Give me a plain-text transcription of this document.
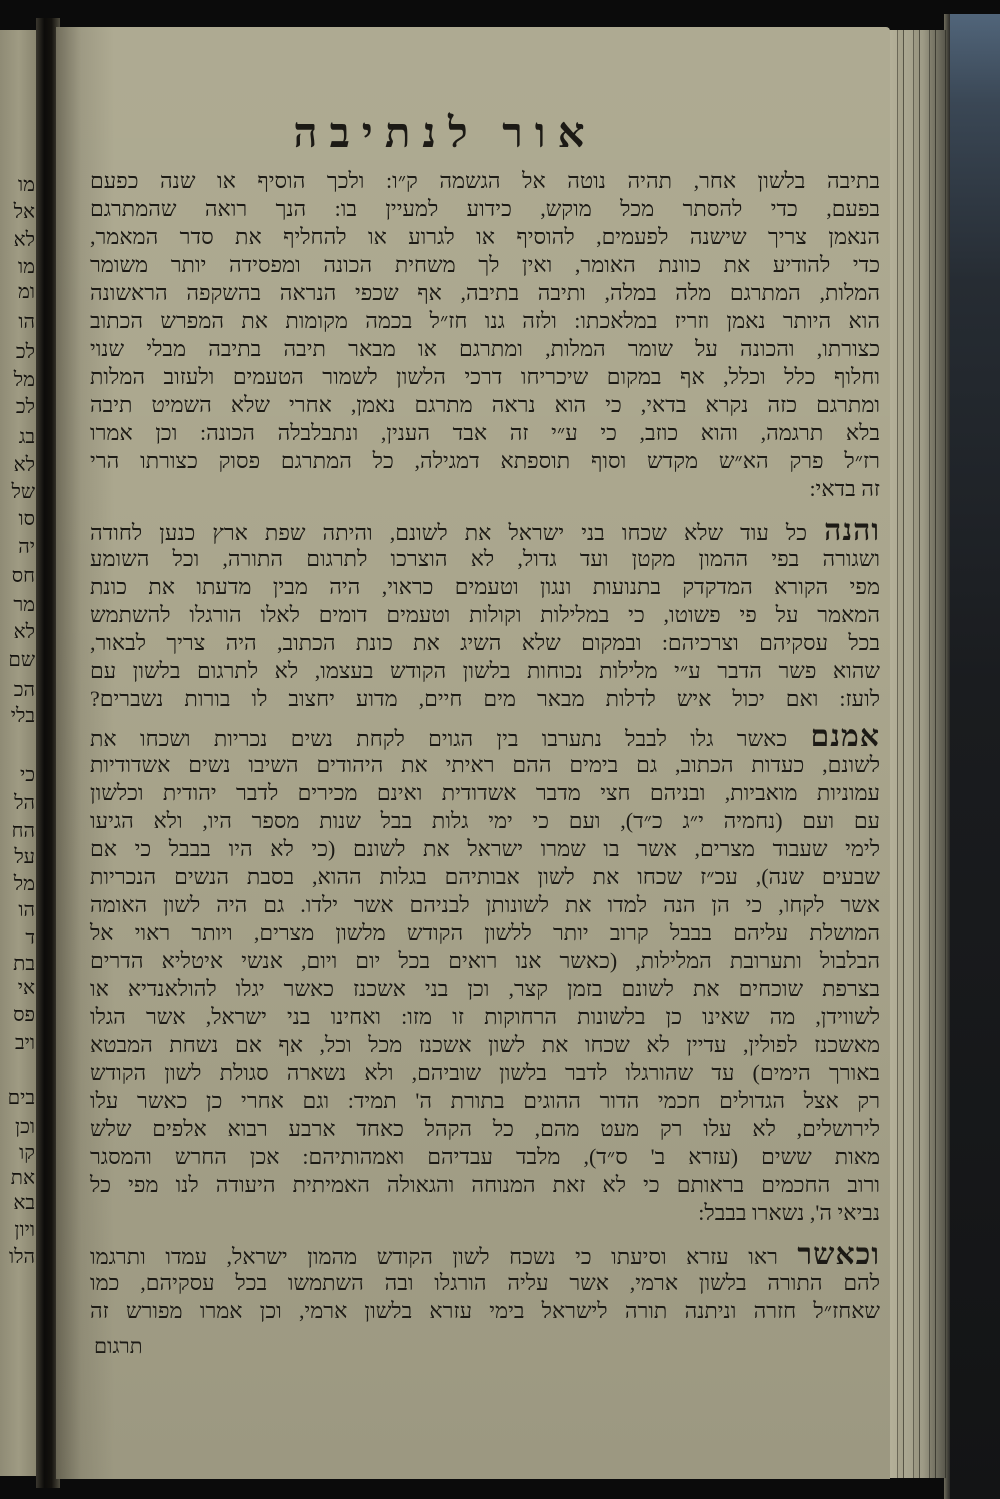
מו
אל
לא
מו
ומ
הו
לכ
מל
לכ
בג
לא
של
סו
יה
חס
מר
לא
שם
הכ
בלי
כי
הל
הח
על
מל
הו
ד
בת
אי
פס
ויב
בים
וכן
קו
את
בא
ויון
הלו
אור לנתיבה
בתיבה בלשון אחר, תהיה נוטה אל הגשמה ק״ו: ולכך הוסיף או שנה כפעם
בפעם, כדי להסתר מכל מוקש, כידוע למעיין בו: הנך רואה שהמתרגם
הנאמן צריך שישנה לפעמים, להוסיף או לגרוע או להחליף את סדר המאמר,
כדי להודיע את כוונת האומר, ואין לך משחית הכונה ומפסידה יותר משומר
המלות, המתרגם מלה במלה, ותיבה בתיבה, אף שכפי הנראה בהשקפה הראשונה
הוא היותר נאמן וזריז במלאכתו: ולזה גנו חז״ל בכמה מקומות את המפרש הכתוב
כצורתו, והכונה על שומר המלות, ומתרגם או מבאר תיבה בתיבה מבלי שנוי
וחלוף כלל וכלל, אף במקום שיכריחו דרכי הלשון לשמור הטעמים ולעזוב המלות
ומתרגם כזה נקרא בדאי, כי הוא נראה מתרגם נאמן, אחרי שלא השמיט תיבה
בלא תרגמה, והוא כוזב, כי ע״י זה אבד הענין, ונתבלבלה הכונה: וכן אמרו
רז״ל פרק הא״ש מקדש וסוף תוספתא דמגילה, כל המתרגם פסוק כצורתו הרי
זה בדאי:
והנה כל עוד שלא שכחו בני ישראל את לשונם, והיתה שפת ארץ כנען לחודה
ושגורה בפי ההמון מקטן ועד גדול, לא הוצרכו לתרגום התורה, וכל השומע
מפי הקורא המדקדק בתנועות ונגון וטעמים כראוי, היה מבין מדעתו את כונת
המאמר על פי פשוטו, כי במלילות וקולות וטעמים דומים לאלו הורגלו להשתמש
בכל עסקיהם וצרכיהם: ובמקום שלא השיג את כונת הכתוב, היה צריך לבאור,
שהוא פשר הדבר ע״י מלילות נכוחות בלשון הקודש בעצמו, לא לתרגום בלשון עם
לועז: ואם יכול איש לדלות מבאר מים חיים, מדוע יחצוב לו בורות נשברים?
אמנם כאשר גלו לבבל נתערבו בין הגוים לקחת נשים נכריות ושכחו את
לשונם, כעדות הכתוב, גם בימים ההם ראיתי את היהודים השיבו נשים אשדודיות
עמוניות מואביות, ובניהם חצי מדבר אשדודית ואינם מכירים לדבר יהודית וכלשון
עם ועם (נחמיה י״ג כ״ד), ועם כי ימי גלות בבל שנות מספר היו, ולא הגיעו
לימי שעבוד מצרים, אשר בו שמרו ישראל את לשונם (כי לא היו בבבל כי אם
שבעים שנה), עכ״ז שכחו את לשון אבותיהם בגלות ההוא, בסבת הנשים הנכריות
אשר לקחו, כי הן הנה למדו את לשונותן לבניהם אשר ילדו. גם היה לשון האומה
המושלת עליהם בבבל קרוב יותר ללשון הקודש מלשון מצרים, ויותר ראוי אל
הבלבול ותערובת המלילות, (כאשר אנו רואים בכל יום ויום, אנשי איטליא הדרים
בצרפת שוכחים את לשונם בזמן קצר, וכן בני אשכנז כאשר יגלו להולאנדיא או
לשווידן, מה שאינו כן בלשונות הרחוקות זו מזו: ואחינו בני ישראל, אשר הגלו
מאשכנז לפולין, עדיין לא שכחו את לשון אשכנז מכל וכל, אף אם נשחת המבטא
באורך הימים) עד שהורגלו לדבר בלשון שוביהם, ולא נשארה סגולת לשון הקודש
רק אצל הגדולים חכמי הדור ההוגים בתורת ה' תמיד: וגם אחרי כן כאשר עלו
לירושלים, לא עלו רק מעט מהם, כל הקהל כאחד ארבע רבוא אלפים שלש
מאות ששים (עזרא ב' ס״ד), מלבד עבדיהם ואמהותיהם: אכן החרש והמסגר
ורוב החכמים בראותם כי לא זאת המנוחה והגאולה האמיתית היעודה לנו מפי כל
נביאי ה', נשארו בבבל:
וכאשר ראו עזרא וסיעתו כי נשכח לשון הקודש מהמון ישראל, עמדו ותרגמו
להם התורה בלשון ארמי, אשר עליה הורגלו ובה השתמשו בכל עסקיהם, כמו
שאחז״ל חזרה וניתנה תורה לישראל בימי עזרא בלשון ארמי, וכן אמרו מפורש זה
תרגום
